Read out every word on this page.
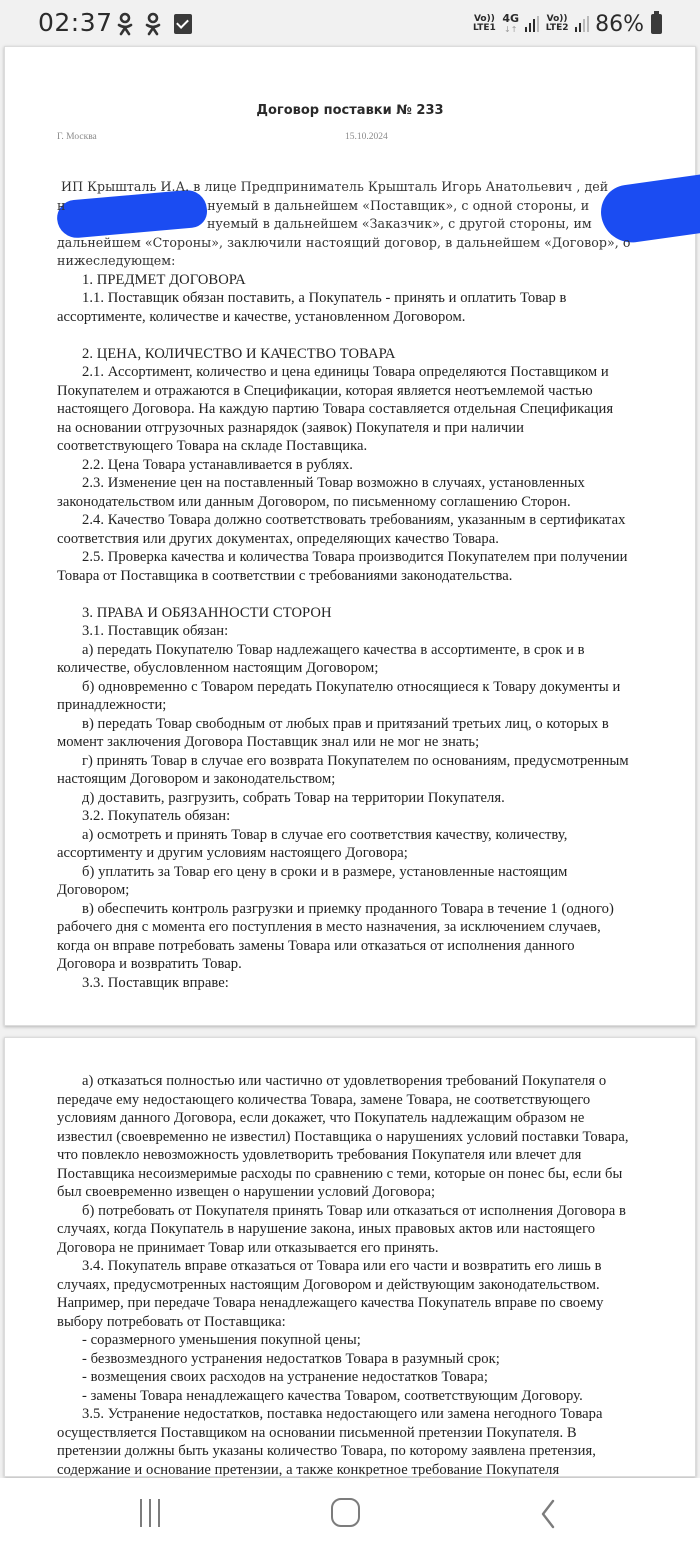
02:37	Vo)) LTE1
4G
↓↑
Vo)) LTE2 86%
Договор поставки № 233
Г. Москва	15.10.2024
ИП Крышталь И.А. в лице Предприниматель Крышталь Игорь Анатольевич , дей
н                                   нуемый в дальнейшем «Поставщик», с одной стороны, и
нуемый в дальнейшем «Заказчик», с другой стороны, им
дальнейшем «Стороны», заключили настоящий договор, в дальнейшем «Договор», о
нижеследующем:
1. ПРЕДМЕТ ДОГОВОРА
1.1. Поставщик обязан поставить, а Покупатель - принять и оплатить Товар в
ассортименте, количестве и качестве, установленном Договором.
2. ЦЕНА, КОЛИЧЕСТВО И КАЧЕСТВО ТОВАРА
2.1. Ассортимент, количество и цена единицы Товара определяются Поставщиком и
Покупателем и отражаются в Спецификации, которая является неотъемлемой частью
настоящего Договора. На каждую партию Товара составляется отдельная Спецификация
на основании отгрузочных разнарядок (заявок) Покупателя и при наличии
соответствующего Товара на складе Поставщика.
2.2. Цена Товара устанавливается в рублях.
2.3. Изменение цен на поставленный Товар возможно в случаях, установленных
законодательством или данным Договором, по письменному соглашению Сторон.
2.4. Качество Товара должно соответствовать требованиям, указанным в сертификатах
соответствия или других документах, определяющих качество Товара.
2.5. Проверка качества и количества Товара производится Покупателем при получении
Товара от Поставщика в соответствии с требованиями законодательства.
3. ПРАВА И ОБЯЗАННОСТИ СТОРОН
3.1. Поставщик обязан:
а) передать Покупателю Товар надлежащего качества в ассортименте, в срок и в
количестве, обусловленном настоящим Договором;
б) одновременно с Товаром передать Покупателю относящиеся к Товару документы и
принадлежности;
в) передать Товар свободным от любых прав и притязаний третьих лиц, о которых в
момент заключения Договора Поставщик знал или не мог не знать;
г) принять Товар в случае его возврата Покупателем по основаниям, предусмотренным
настоящим Договором и законодательством;
д) доставить, разгрузить, собрать Товар на территории Покупателя.
3.2. Покупатель обязан:
а) осмотреть и принять Товар в случае его соответствия качеству, количеству,
ассортименту и другим условиям настоящего Договора;
б) уплатить за Товар его цену в сроки и в размере, установленные настоящим
Договором;
в) обеспечить контроль разгрузки и приемку проданного Товара в течение 1 (одного)
рабочего дня с момента его поступления в место назначения, за исключением случаев,
когда он вправе потребовать замены Товара или отказаться от исполнения данного
Договора и возвратить Товар.
3.3. Поставщик вправе:
а) отказаться полностью или частично от удовлетворения требований Покупателя о
передаче ему недостающего количества Товара, замене Товара, не соответствующего
условиям данного Договора, если докажет, что Покупатель надлежащим образом не
известил (своевременно не известил) Поставщика о нарушениях условий поставки Товара,
что повлекло невозможность удовлетворить требования Покупателя или влечет для
Поставщика несоизмеримые расходы по сравнению с теми, которые он понес бы, если бы
был своевременно извещен о нарушении условий Договора;
б) потребовать от Покупателя принять Товар или отказаться от исполнения Договора в
случаях, когда Покупатель в нарушение закона, иных правовых актов или настоящего
Договора не принимает Товар или отказывается его принять.
3.4. Покупатель вправе отказаться от Товара или его части и возвратить его лишь в
случаях, предусмотренных настоящим Договором и действующим законодательством.
Например, при передаче Товара ненадлежащего качества Покупатель вправе по своему
выбору потребовать от Поставщика:
- соразмерного уменьшения покупной цены;
- безвозмездного устранения недостатков Товара в разумный срок;
- возмещения своих расходов на устранение недостатков Товара;
- замены Товара ненадлежащего качества Товаром, соответствующим Договору.
3.5. Устранение недостатков, поставка недостающего или замена негодного Товара
осуществляется Поставщиком на основании письменной претензии Покупателя. В
претензии должны быть указаны количество Товара, по которому заявлена претензия,
содержание и основание претензии, а также конкретное требование Покупателя
